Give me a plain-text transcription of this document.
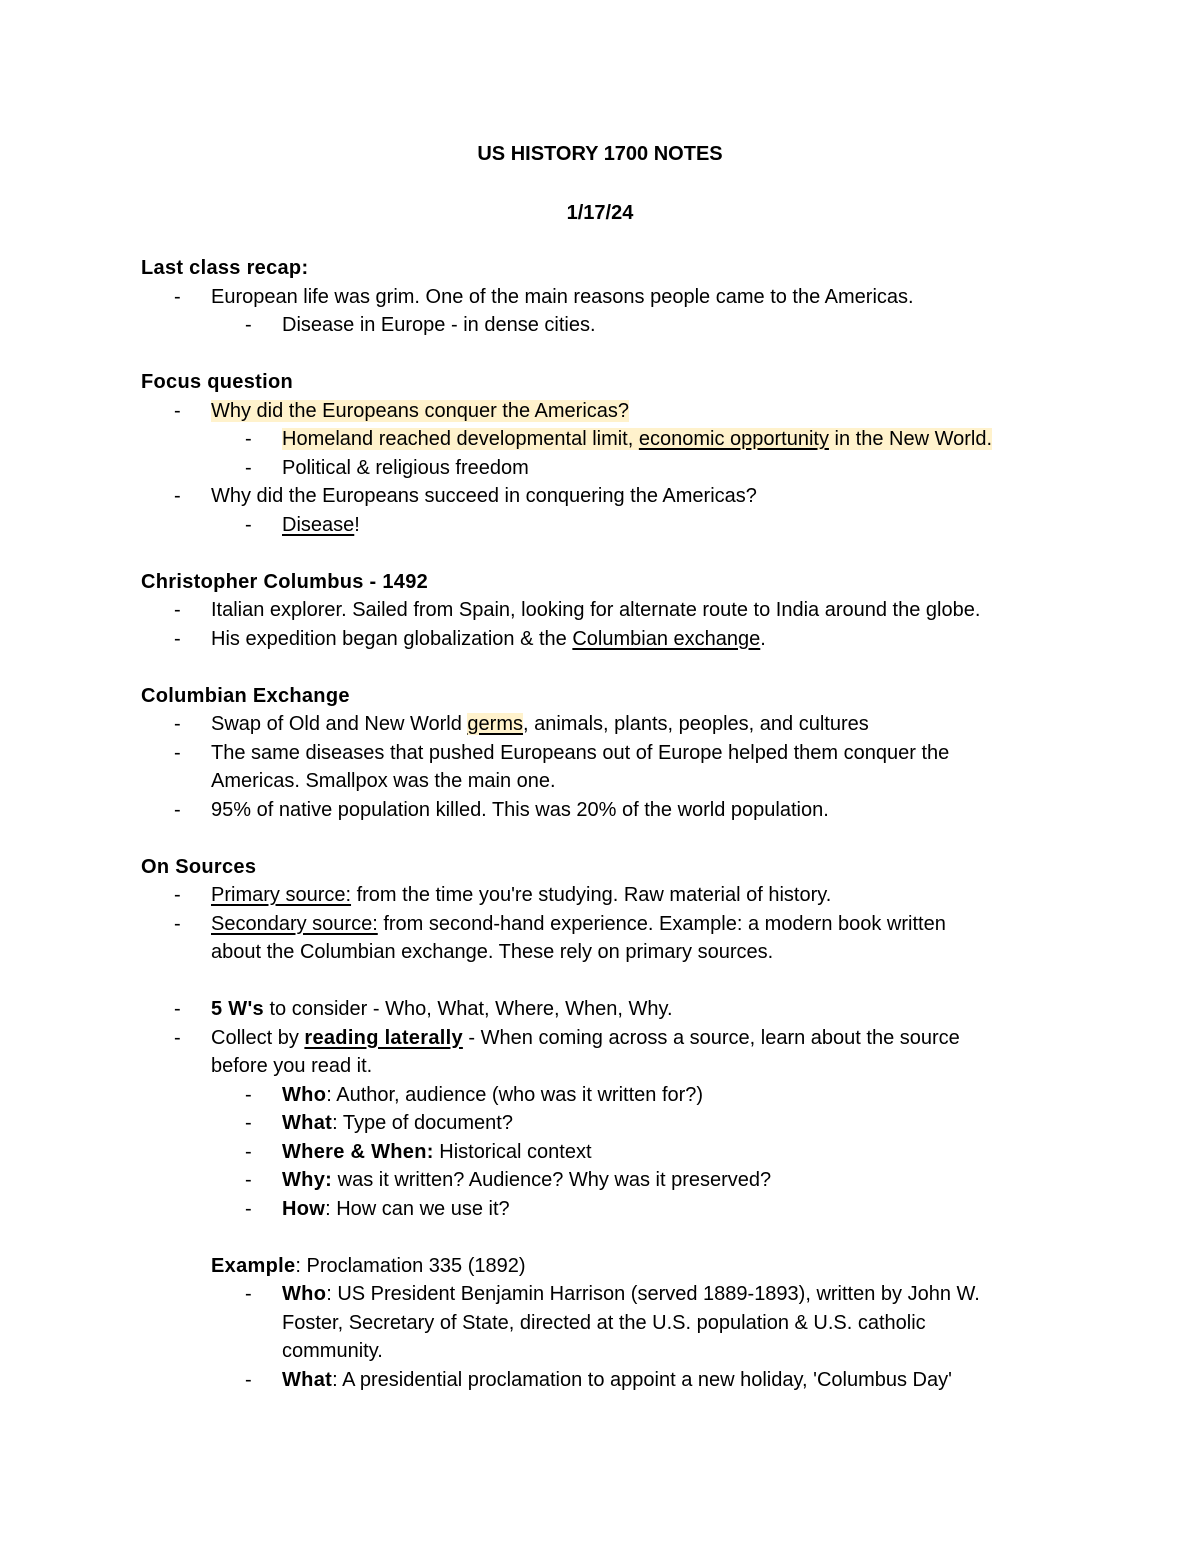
US HISTORY 1700 NOTES
1/17/24
Last class recap:
- European life was grim. One of the main reasons people came to the Americas.
- Disease in Europe - in dense cities.
Focus question
- Why did the Europeans conquer the Americas?
- Homeland reached developmental limit, economic opportunity in the New World.
- Political & religious freedom
- Why did the Europeans succeed in conquering the Americas?
- Disease!
Christopher Columbus - 1492
- Italian explorer. Sailed from Spain, looking for alternate route to India around the globe.
- His expedition began globalization & the Columbian exchange.
Columbian Exchange
- Swap of Old and New World germs, animals, plants, peoples, and cultures
- The same diseases that pushed Europeans out of Europe helped them conquer the
Americas. Smallpox was the main one.
- 95% of native population killed. This was 20% of the world population.
On Sources
- Primary source: from the time you're studying. Raw material of history.
- Secondary source: from second-hand experience. Example: a modern book written
about the Columbian exchange. These rely on primary sources.
- 5 W's to consider - Who, What, Where, When, Why.
- Collect by reading laterally - When coming across a source, learn about the source
before you read it.
- Who: Author, audience (who was it written for?)
- What: Type of document?
- Where & When: Historical context
- Why: was it written? Audience? Why was it preserved?
- How: How can we use it?
Example: Proclamation 335 (1892)
- Who: US President Benjamin Harrison (served 1889-1893), written by John W.
Foster, Secretary of State, directed at the U.S. population & U.S. catholic
community.
- What: A presidential proclamation to appoint a new holiday, 'Columbus Day'
